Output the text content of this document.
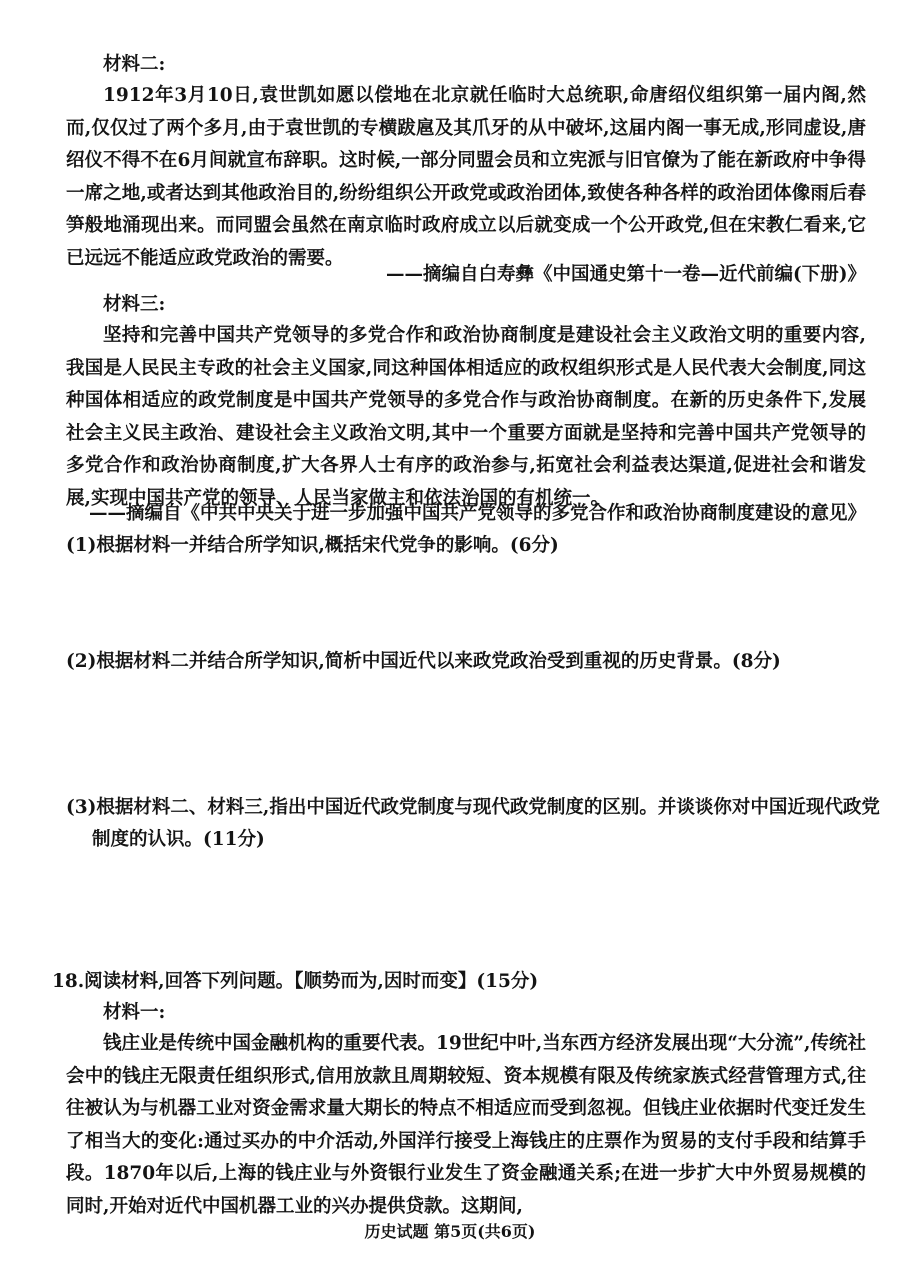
材料二:

1912年3月10日,袁世凯如愿以偿地在北京就任临时大总统职,命唐绍仪组织第一届内阁,然而,仅仅过了两个多月,由于袁世凯的专横跋扈及其爪牙的从中破坏,这届内阁一事无成,形同虚设,唐绍仪不得不在6月间就宣布辞职。这时候,一部分同盟会员和立宪派与旧官僚为了能在新政府中争得一席之地,或者达到其他政治目的,纷纷组织公开政党或政治团体,致使各种各样的政治团体像雨后春笋般地涌现出来。而同盟会虽然在南京临时政府成立以后就变成一个公开政党,但在宋教仁看来,它已远远不能适应政党政治的需要。

——摘编自白寿彝《中国通史第十一卷—近代前编(下册)》

材料三:

坚持和完善中国共产党领导的多党合作和政治协商制度是建设社会主义政治文明的重要内容,我国是人民民主专政的社会主义国家,同这种国体相适应的政权组织形式是人民代表大会制度,同这种国体相适应的政党制度是中国共产党领导的多党合作与政治协商制度。在新的历史条件下,发展社会主义民主政治、建设社会主义政治文明,其中一个重要方面就是坚持和完善中国共产党领导的多党合作和政治协商制度,扩大各界人士有序的政治参与,拓宽社会利益表达渠道,促进社会和谐发展,实现中国共产党的领导、人民当家做主和依法治国的有机统一。

——摘编自《中共中央关于进一步加强中国共产党领导的多党合作和政治协商制度建设的意见》

(1)根据材料一并结合所学知识,概括宋代党争的影响。(6分)

(2)根据材料二并结合所学知识,简析中国近代以来政党政治受到重视的历史背景。(8分)

(3)根据材料二、材料三,指出中国近代政党制度与现代政党制度的区别。并谈谈你对中国近现代政党制度的认识。(11分)

18.阅读材料,回答下列问题。【顺势而为,因时而变】(15分)

材料一:

钱庄业是传统中国金融机构的重要代表。19世纪中叶,当东西方经济发展出现“大分流”,传统社会中的钱庄无限责任组织形式,信用放款且周期较短、资本规模有限及传统家族式经营管理方式,往往被认为与机器工业对资金需求量大期长的特点不相适应而受到忽视。但钱庄业依据时代变迁发生了相当大的变化:通过买办的中介活动,外国洋行接受上海钱庄的庄票作为贸易的支付手段和结算手段。1870年以后,上海的钱庄业与外资银行业发生了资金融通关系;在进一步扩大中外贸易规模的同时,开始对近代中国机器工业的兴办提供贷款。这期间,

历史试题 第5页(共6页)
